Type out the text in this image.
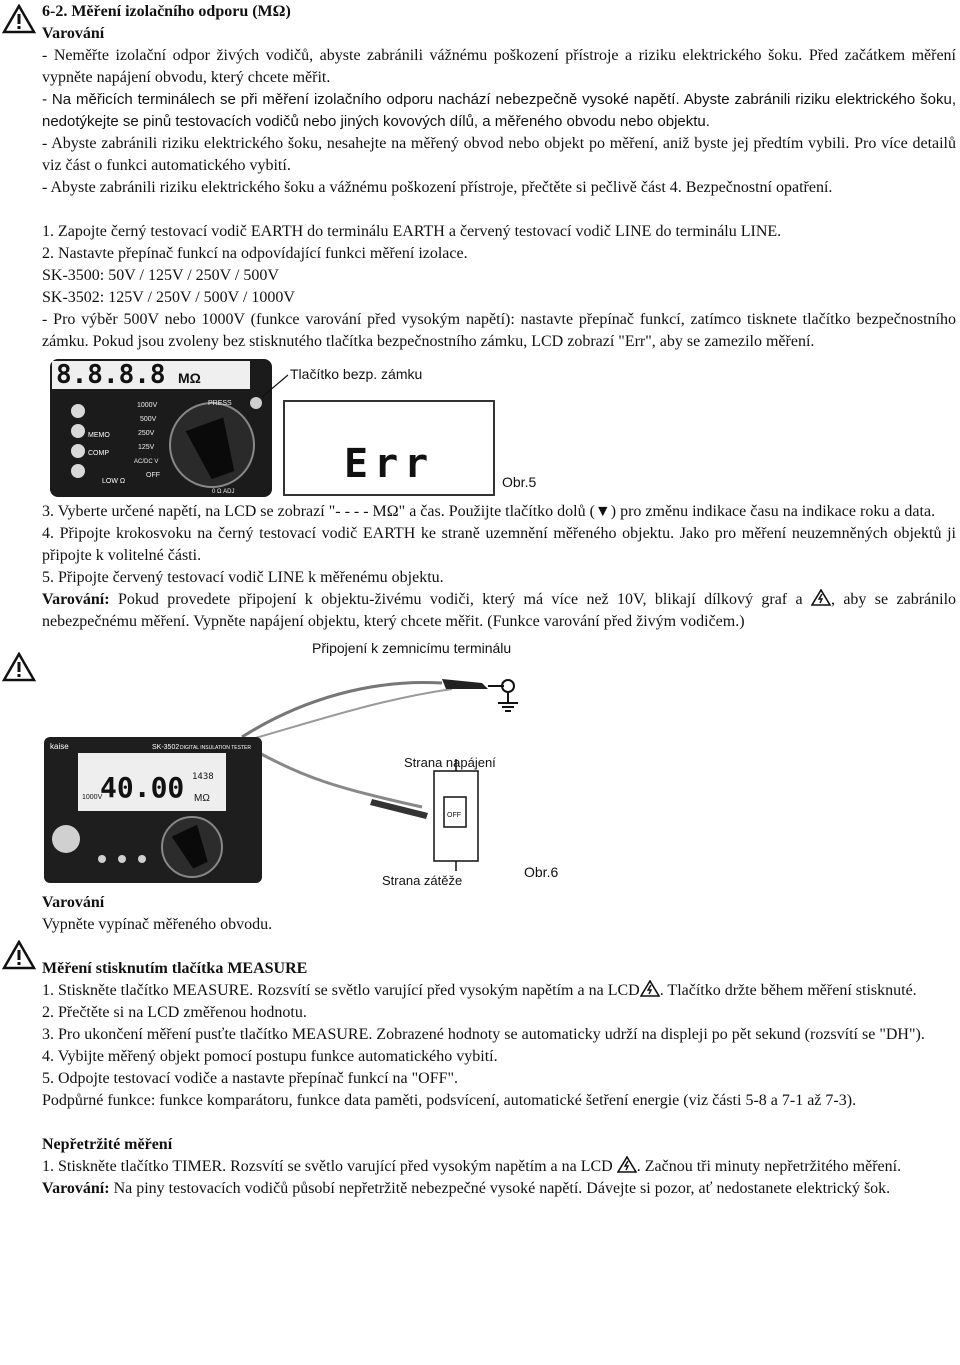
6-2. Měření izolačního odporu (MΩ)

Varování

- Neměřte izolační odpor živých vodičů, abyste zabránili vážnému poškození přístroje a riziku elektrického šoku. Před začátkem měření vypněte napájení obvodu, který chcete měřit.

- Na měřicích terminálech se při měření izolačního odporu nachází nebezpečně vysoké napětí. Abyste zabránili riziku elektrického šoku, nedotýkejte se pinů testovacích vodičů nebo jiných kovových dílů, a měřeného obvodu nebo objektu.

- Abyste zabránili riziku elektrického šoku, nesahejte na měřený obvod nebo objekt po měření, aniž byste jej předtím vybili. Pro více detailů viz část o funkci automatického vybití.

- Abyste zabránili riziku elektrického šoku a vážnému poškození přístroje, přečtěte si pečlivě část 4. Bezpečnostní opatření.

1. Zapojte černý testovací vodič EARTH do terminálu EARTH a červený testovací vodič LINE do terminálu LINE.

2. Nastavte přepínač funkcí na odpovídající funkci měření izolace.

SK-3500: 50V / 125V / 250V / 500V

SK-3502: 125V / 250V / 500V / 1000V

- Pro výběr 500V nebo 1000V (funkce varování před vysokým napětí): nastavte přepínač funkcí, zatímco tisknete tlačítko bezpečnostního zámku. Pokud jsou zvoleny bez stisknutého tlačítka bezpečnostního zámku, LCD zobrazí "Err", aby se zamezilo měření.

8.8.8.8 MΩ
MEMO
COMP
LOW Ω
1000V
500V
250V
125V
AC/DC V
OFF
PRESS
0 Ω ADJ
Tlačítko bezp. zámku
Err	Obr.5

3. Vyberte určené napětí, na LCD se zobrazí "- - - - MΩ" a čas. Použijte tlačítko dolů (▼) pro změnu indikace času na indikace roku a data.

4. Připojte krokosvoku na černý testovací vodič EARTH ke straně uzemnění měřeného objektu. Jako pro měření neuzemněných objektů ji připojte k volitelné části.

5. Připojte červený testovací vodič LINE k měřenému objektu.

Varování: Pokud provedete připojení k objektu-živému vodiči, který má více než 10V, blikají dílkový graf a , aby se zabránilo nebezpečnému měření. Vypněte napájení objektu, který chcete měřit. (Funkce varování před živým vodičem.)

Připojení k zemnicímu terminálu
OFF
Strana napájení
Strana zátěže
Obr.6
kaise	SK-3502 DIGITAL INSULATION TESTER
40.00 MΩ
1438
1000V

Varování

Vypněte vypínač měřeného obvodu.

Měření stisknutím tlačítka MEASURE

1. Stiskněte tlačítko MEASURE. Rozsvítí se světlo varující před vysokým napětím a na LCD . Tlačítko držte během měření stisknuté.

2. Přečtěte si na LCD změřenou hodnotu.

3. Pro ukončení měření pusťte tlačítko MEASURE. Zobrazené hodnoty se automaticky udrží na displeji po pět sekund (rozsvítí se "DH").

4. Vybijte měřený objekt pomocí postupu funkce automatického vybití.

5. Odpojte testovací vodiče a nastavte přepínač funkcí na "OFF".

Podpůrné funkce: funkce komparátoru, funkce data paměti, podsvícení, automatické šetření energie (viz části 5-8 a 7-1 až 7-3).

Nepřetržité měření

1. Stiskněte tlačítko TIMER. Rozsvítí se světlo varující před vysokým napětím a na LCD . Začnou tři minuty nepřetržitého měření.

Varování: Na piny testovacích vodičů působí nepřetržitě nebezpečné vysoké napětí. Dávejte si pozor, ať nedostanete elektrický šok.
